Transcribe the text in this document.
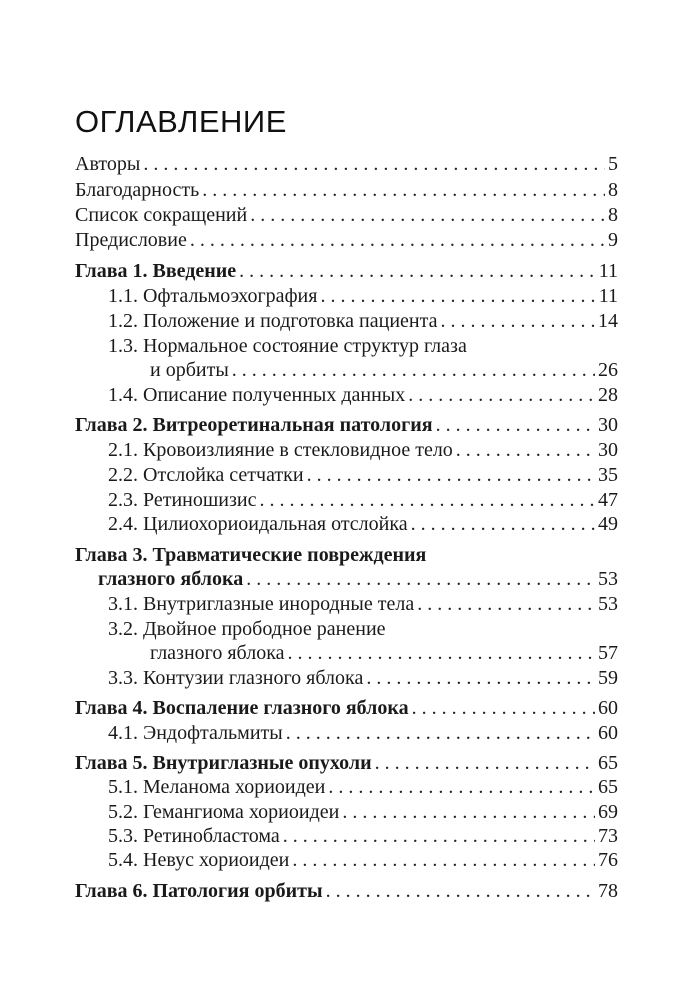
ОГЛАВЛЕНИЕ
Авторы . . .	5
Благодарность . . .	8
Список сокращений . . .	8
Предисловие . . .	9
Глава 1. Введение . . .	11
1.1. Офтальмоэхография . . .	11
1.2. Положение и подготовка пациента . . .	14
1.3. Нормальное состояние структур глаза
и орбиты . . .	26
1.4. Описание полученных данных . . .	28
Глава 2. Витреоретинальная патология . . .	30
2.1. Кровоизлияние в стекловидное тело . . .	30
2.2. Отслойка сетчатки . . .	35
2.3. Ретиношизис . . .	47
2.4. Цилиохориоидальная отслойка . . .	49
Глава 3. Травматические повреждения
глазного яблока . . .	53
3.1. Внутриглазные инородные тела . . .	53
3.2. Двойное прободное ранение
глазного яблока . . .	57
3.3. Контузии глазного яблока . . .	59
Глава 4. Воспаление глазного яблока . . .	60
4.1. Эндофтальмиты . . .	60
Глава 5. Внутриглазные опухоли . . .	65
5.1. Меланома хориоидеи . . .	65
5.2. Гемангиома хориоидеи . . .	69
5.3. Ретинобластома . . .	73
5.4. Невус хориоидеи . . .	76
Глава 6. Патология орбиты . . .	78
